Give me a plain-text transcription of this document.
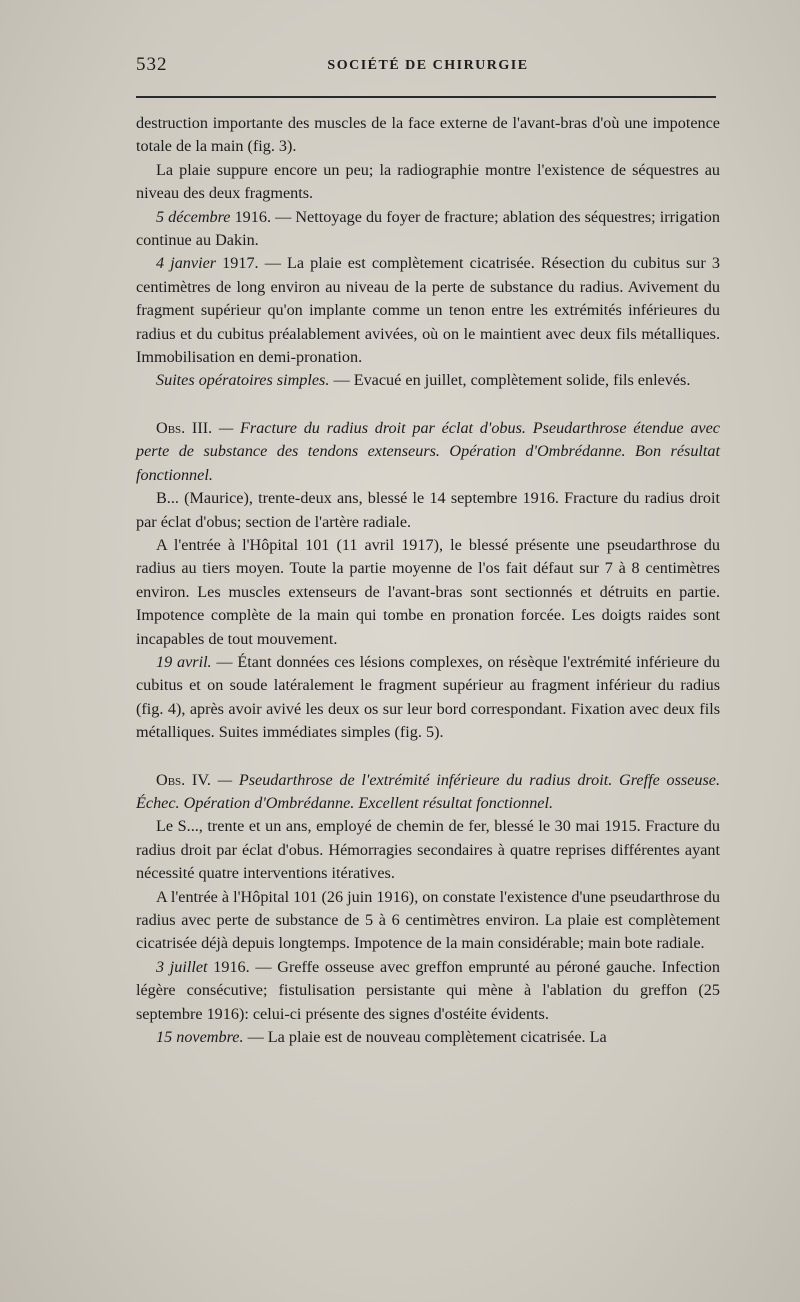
532	SOCIÉTÉ DE CHIRURGIE

destruction importante des muscles de la face externe de l'avant-bras d'où une impotence totale de la main (fig. 3).

La plaie suppure encore un peu; la radiographie montre l'existence de séquestres au niveau des deux fragments.

5 décembre 1916. — Nettoyage du foyer de fracture; ablation des séquestres; irrigation continue au Dakin.

4 janvier 1917. — La plaie est complètement cicatrisée. Résection du cubitus sur 3 centimètres de long environ au niveau de la perte de substance du radius. Avivement du fragment supérieur qu'on implante comme un tenon entre les extrémités inférieures du radius et du cubitus préalablement avivées, où on le maintient avec deux fils métalliques. Immobilisation en demi-pronation.

Suites opératoires simples. — Evacué en juillet, complètement solide, fils enlevés.

Obs. III. — Fracture du radius droit par éclat d'obus. Pseudarthrose étendue avec perte de substance des tendons extenseurs. Opération d'Ombrédanne. Bon résultat fonctionnel.

B... (Maurice), trente-deux ans, blessé le 14 septembre 1916. Fracture du radius droit par éclat d'obus; section de l'artère radiale.

A l'entrée à l'Hôpital 101 (11 avril 1917), le blessé présente une pseudarthrose du radius au tiers moyen. Toute la partie moyenne de l'os fait défaut sur 7 à 8 centimètres environ. Les muscles extenseurs de l'avant-bras sont sectionnés et détruits en partie. Impotence complète de la main qui tombe en pronation forcée. Les doigts raides sont incapables de tout mouvement.

19 avril. — Étant données ces lésions complexes, on résèque l'extrémité inférieure du cubitus et on soude latéralement le fragment supérieur au fragment inférieur du radius (fig. 4), après avoir avivé les deux os sur leur bord correspondant. Fixation avec deux fils métalliques. Suites immédiates simples (fig. 5).

Obs. IV. — Pseudarthrose de l'extrémité inférieure du radius droit. Greffe osseuse. Échec. Opération d'Ombrédanne. Excellent résultat fonctionnel.

Le S..., trente et un ans, employé de chemin de fer, blessé le 30 mai 1915. Fracture du radius droit par éclat d'obus. Hémorragies secondaires à quatre reprises différentes ayant nécessité quatre interventions itératives.

A l'entrée à l'Hôpital 101 (26 juin 1916), on constate l'existence d'une pseudarthrose du radius avec perte de substance de 5 à 6 centimètres environ. La plaie est complètement cicatrisée déjà depuis longtemps. Impotence de la main considérable; main bote radiale.

3 juillet 1916. — Greffe osseuse avec greffon emprunté au péroné gauche. Infection légère consécutive; fistulisation persistante qui mène à l'ablation du greffon (25 septembre 1916): celui-ci présente des signes d'ostéite évidents.

15 novembre. — La plaie est de nouveau complètement cicatrisée. La
